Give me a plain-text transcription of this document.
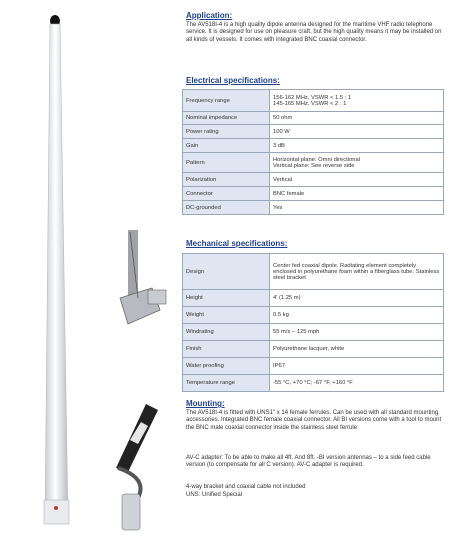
Application:
The AV518I-4 is a high quality dipole antenna designed for the maritime VHF radio telephone service. It is designed for use on pleasure craft, but the high quality means it may be installed on all kinds of vessels. It comes with integrated BNC coaxial connector.
Electrical specifications:
Frequency range	156-162 MHz, VSWR < 1.5 : 1
145-165 MHz, VSWR < 2 : 1

Nominal impedance	50 ohm
Power rating	100 W
Gain	3 dB
Pattern	Horizontal plane: Omni directional
Vertical plane: See reverse side

Polarization	Vertical
Connector	BNC female
DC-grounded	Yes
Mechanical specifications:
Design	Center fed coaxial dipole. Radiating element completely enclosed in polyurethane foam within a fiberglass tube. Stainless steel bracket
Height	4' (1.25 m)
Weight	0.5 kg
Windrating	55 m/s – 125 mph
Finish	Polyurethane lacquer, white
Water proofing	IP67
Temperature range	-55 °C, +70 °C; -67 °F, +160 °F
Mounting:
The AV518I-4 is fitted with UNS1" x 14 female ferrules. Can be used with all standard mounting accessories. Integrated BNC female coaxial connector. All BI versions come with a tool to mount the BNC male coaxial connector inside the stainless steel ferrule
AV-C adapter: To be able to make all 4ft. And 8ft. -BI version antennas – to a side feed cable version (to compensate for all C version). AV-C adapter is required.
4-way bracket and coaxial cable not included
UNS: Unified Special
